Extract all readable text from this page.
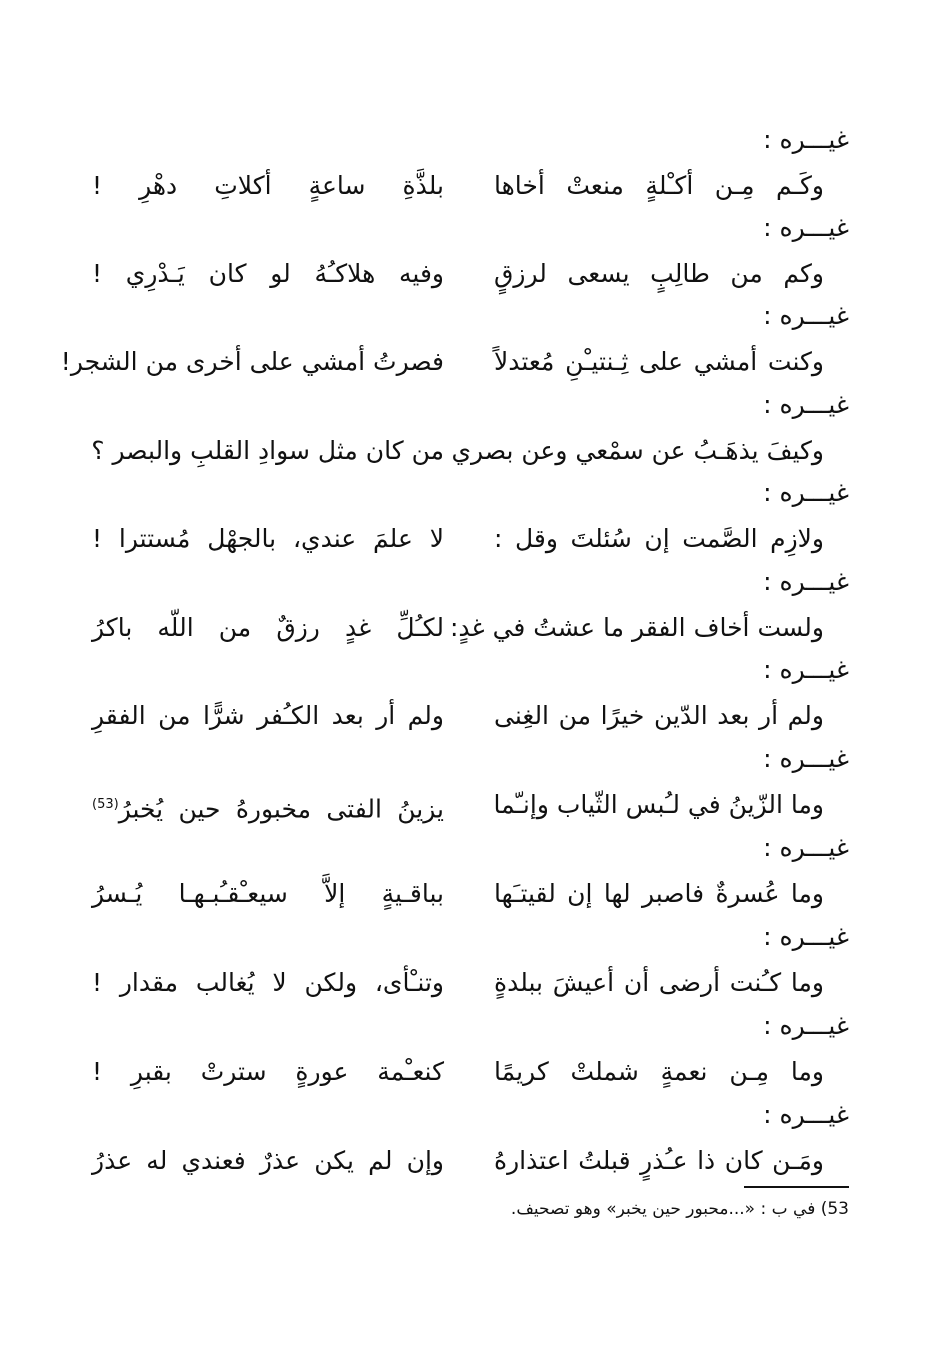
غيـــره :
وكَـم مِـن أكـْلةٍ منعتْ أخاها
بلذَّةِ ساعةٍ أكلاتِ دهْرِ !
غيـــره :
وكم من طالِبٍ يسعى لرزقٍ
وفيه هلاكـُهُ لو كان يَـدْرِي !
غيـــره :
وكنت أمشي على ثِـنتيـْنِ مُعتدلاً
فصرتُ أمشي على أخرى من الشجر!
غيـــره :
وكيفَ يذهَـبُ عن سمْعي وعن بصري
من كان مثل سوادِ القلبِ والبصر ؟
غيـــره :
ولازِم الصَّمت إن سُئلتَ وقل :
لا علمَ عندي، بالجهْل مُستترا !
غيـــره :
ولست أخاف الفقر ما عشتُ في غدٍ:
لكـُلِّ غدٍ رزقٌ من اللّه باكرُ
غيـــره :
ولم أر بعد الدّين خيرًا من الغِنى
ولم أر بعد الكـُفر شرًّا من الفقرِ
غيـــره :
وما الزّينُ في لـُبس الثّياب وإنـّما
يزينُ الفتى مخبورهُ حين يُخبرُ$^{(53)}$
غيـــره :
وما عُسرةٌ فاصبر لها إن لقيتـَها
بباقـيةٍ إلاَّ سيعـْقـُبـهـا يُـسرُ
غيـــره :
وما كـُنت أرضى أن أعيشَ ببلدةٍ
وتنـْأى، ولكن لا يُغالب مقدار !
غيـــره :
وما مِـن نعمةٍ شملتْ كريمًا
كنعـْمة عورةٍ سترتْ بقبرِ !
غيـــره :
ومَـن كان ذا عـُذرٍ قبلتُ اعتذارهُ
وإن لم يكن عذرٌ فعندي له عذرُ
53) في ب : «...محبور حين يخبر» وهو تصحيف.
